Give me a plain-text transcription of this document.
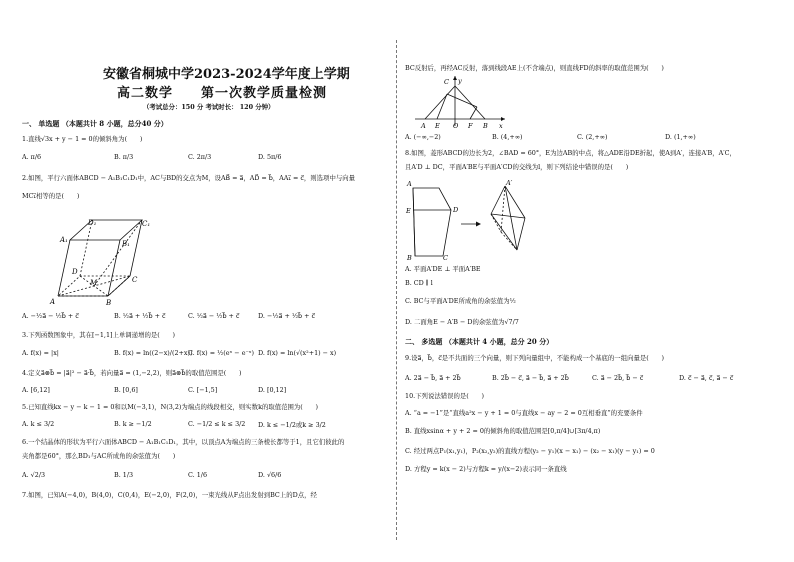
安徽省桐城中学2023-2024学年度上学期
高二数学　　第一次教学质量检测
（考试总分：150 分 考试时长： 120 分钟）
一、 单选题 （本题共计 8 小题，总分40 分）
1.直线√3x + y − 1 = 0的倾斜角为(　　)
A. π/6	B. π/3	C. 2π/3	D. 5π/6
2.如图，平行六面体ABCD − A₁B₁C₁D₁中，AC与BD的交点为M，设AB⃗ = a⃗，AD⃗ = b⃗，AA₁⃗ = c⃗，则选项中与向量
MC₁⃗相等的是(　　)
A	B
C
D
A₁	B₁
C₁
D₁
M
A. −½a⃗ − ½b⃗ + c⃗	B. ½a⃗ + ½b⃗ + c⃗	C. ½a⃗ − ½b⃗ + c⃗	D. −½a⃗ + ½b⃗ + c⃗
3.下列函数图象中，其在[−1,1]上单调递增的是(　　)
A. f(x) = |x|	B. f(x) = ln((2−x)/(2+x))
C. f(x) = ½(eˣ − e⁻ˣ) D. f(x) = ln(√(x²+1) − x)
4.定义a⃗⊗b⃗ = |a⃗|² − a⃗·b⃗，若向量a⃗ = (1,−2,2)，则a⃗⊗b⃗的取值范围是(　　)
A. [6,12]	B. [0,6]	C. [−1,5]	D. [0,12]
5.已知直线kx − y − k − 1 = 0和以M(−3,1)，N(3,2)为端点的线段相交，则实数k的取值范围为(　　)
A. k ≤ 3/2	B. k ≥ −1/2	C. −1/2 ≤ k ≤ 3/2 D. k ≤ −1/2或k ≥ 3/2
6.一个结晶体的形状为平行六面体ABCD − A₁B₁C₁D₁，其中，以顶点A为端点的三条棱长都等于1，且它们彼此的
夹角都是60°，那么BD₁与AC所成角的余弦值为(　　)
A. √2/3	B. 1/3	C. 1/6	D. √6/6
7.如图，已知A(−4,0)，B(4,0)，C(0,4)，E(−2,0)，F(2,0)，一束光线从F点出发射到BC上的D点，经
BC反射后，再经AC反射，落到线段AE上(不含端点)，则直线FD的斜率的取值范围为(　　)
y
C
A E O F B x
A. (−∞,−2)	B. (4,+∞)	C. (2,+∞)	D. (1,+∞)
8.如图，菱形ABCD的边长为2，∠BAD = 60°，E为边AB的中点，将△ADE沿DE折起，使A到A′，连接A′B，A′C，
且A′D ⊥ DC，平面A′BE与平面A′CD的交线为l，则下列结论中错误的是(　　)
A
E	D
B	C
A′
A. 平面A′DE ⊥ 平面A′BE
B. CD ∥ l
C. BC与平面A′DE所成角的余弦值为½
D. 二面角E − A′B − D的余弦值为√7/7
二、 多选题 （本题共计 4 小题，总分 20 分）
9.设a⃗，b⃗，c⃗是不共面的三个向量，则下列向量组中，不能构成一个基底的一组向量是(　　)
A. 2a⃗ − b⃗, a⃗ + 2b⃗	B. 2b⃗ − c⃗, a⃗ − b⃗, a⃗ + 2b⃗	C. a⃗ − 2b⃗, b⃗ − c⃗	D. c⃗ − a⃗, c⃗, a⃗ − c⃗
10.下列说法错误的是(　　)
A. “a = −1”是“直线a²x − y + 1 = 0与直线x − ay − 2 = 0互相垂直”的充要条件
B. 直线xsinα + y + 2 = 0的倾斜角的取值范围是[0,π/4]∪[3π/4,π)
C. 经过两点P₁(x₁,y₁)，P₂(x₂,y₂)的直线方程(y₂ − y₁)(x − x₁) − (x₂ − x₁)(y − y₁) = 0
D. 方程y = k(x − 2)与方程k = y/(x−2)表示同一条直线
